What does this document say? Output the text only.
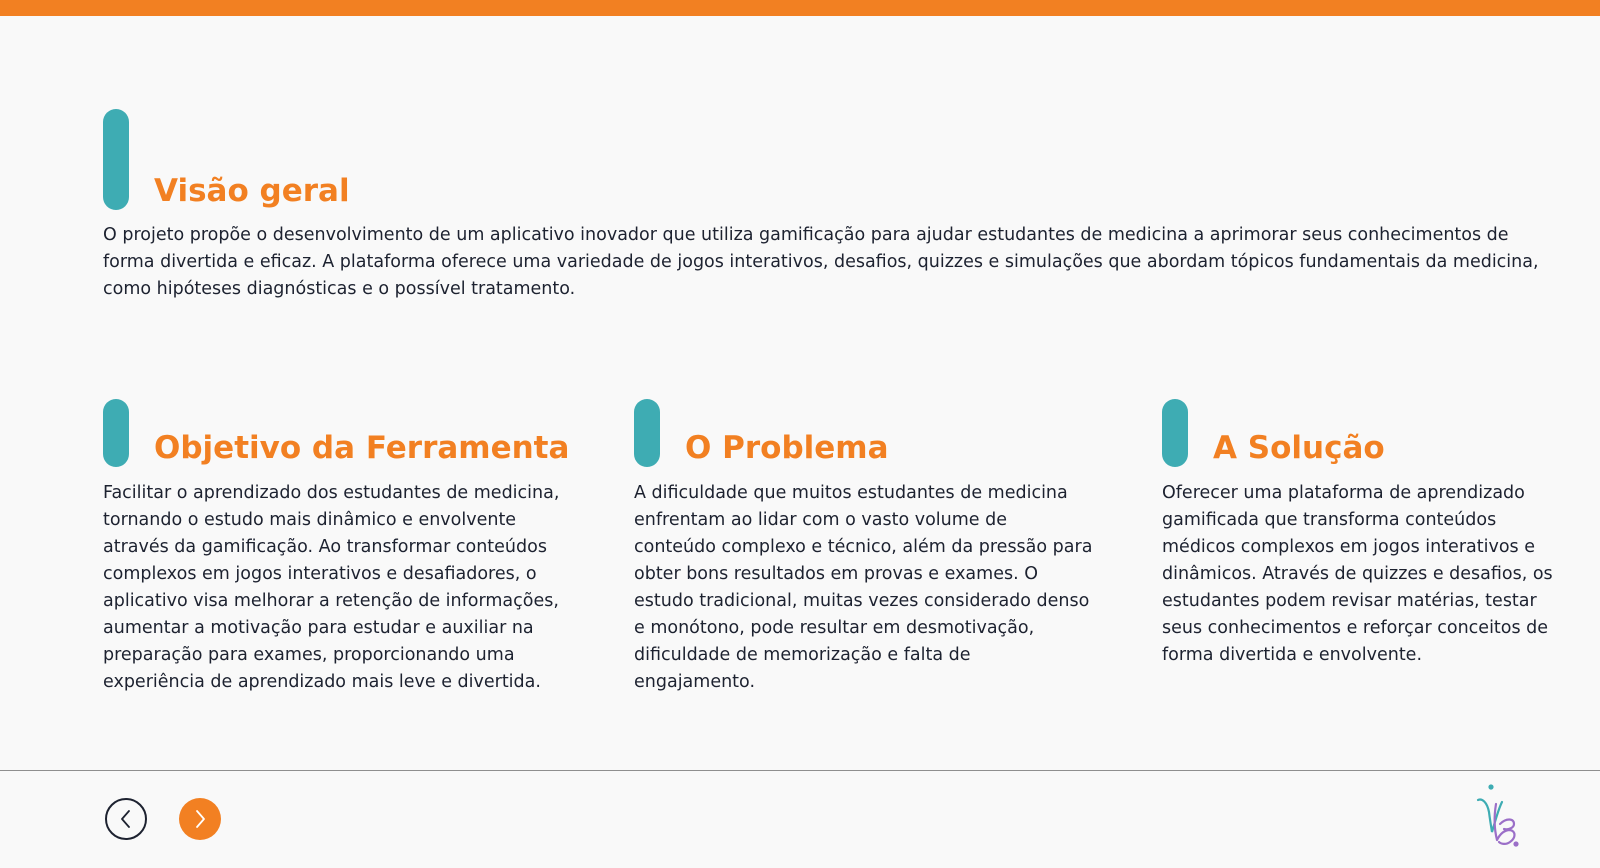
Visão geral

O projeto propõe o desenvolvimento de um aplicativo inovador que utiliza gamificação para ajudar estudantes de medicina a aprimorar seus conhecimentos de forma divertida e eficaz. A plataforma oferece uma variedade de jogos interativos, desafios, quizzes e simulações que abordam tópicos fundamentais da medicina, como hipóteses diagnósticas e o possível tratamento.

Objetivo da Ferramenta

Facilitar o aprendizado dos estudantes de medicina, tornando o estudo mais dinâmico e envolvente através da gamificação. Ao transformar conteúdos complexos em jogos interativos e desafiadores, o aplicativo visa melhorar a retenção de informações, aumentar a motivação para estudar e auxiliar na preparação para exames, proporcionando uma experiência de aprendizado mais leve e divertida.

O Problema

A dificuldade que muitos estudantes de medicina enfrentam ao lidar com o vasto volume de conteúdo complexo e técnico, além da pressão para obter bons resultados em provas e exames. O estudo tradicional, muitas vezes considerado denso e monótono, pode resultar em desmotivação, dificuldade de memorização e falta de engajamento.

A Solução

Oferecer uma plataforma de aprendizado gamificada que transforma conteúdos médicos complexos em jogos interativos e dinâmicos. Através de quizzes e desafios, os estudantes podem revisar matérias, testar seus conhecimentos e reforçar conceitos de forma divertida e envolvente.
